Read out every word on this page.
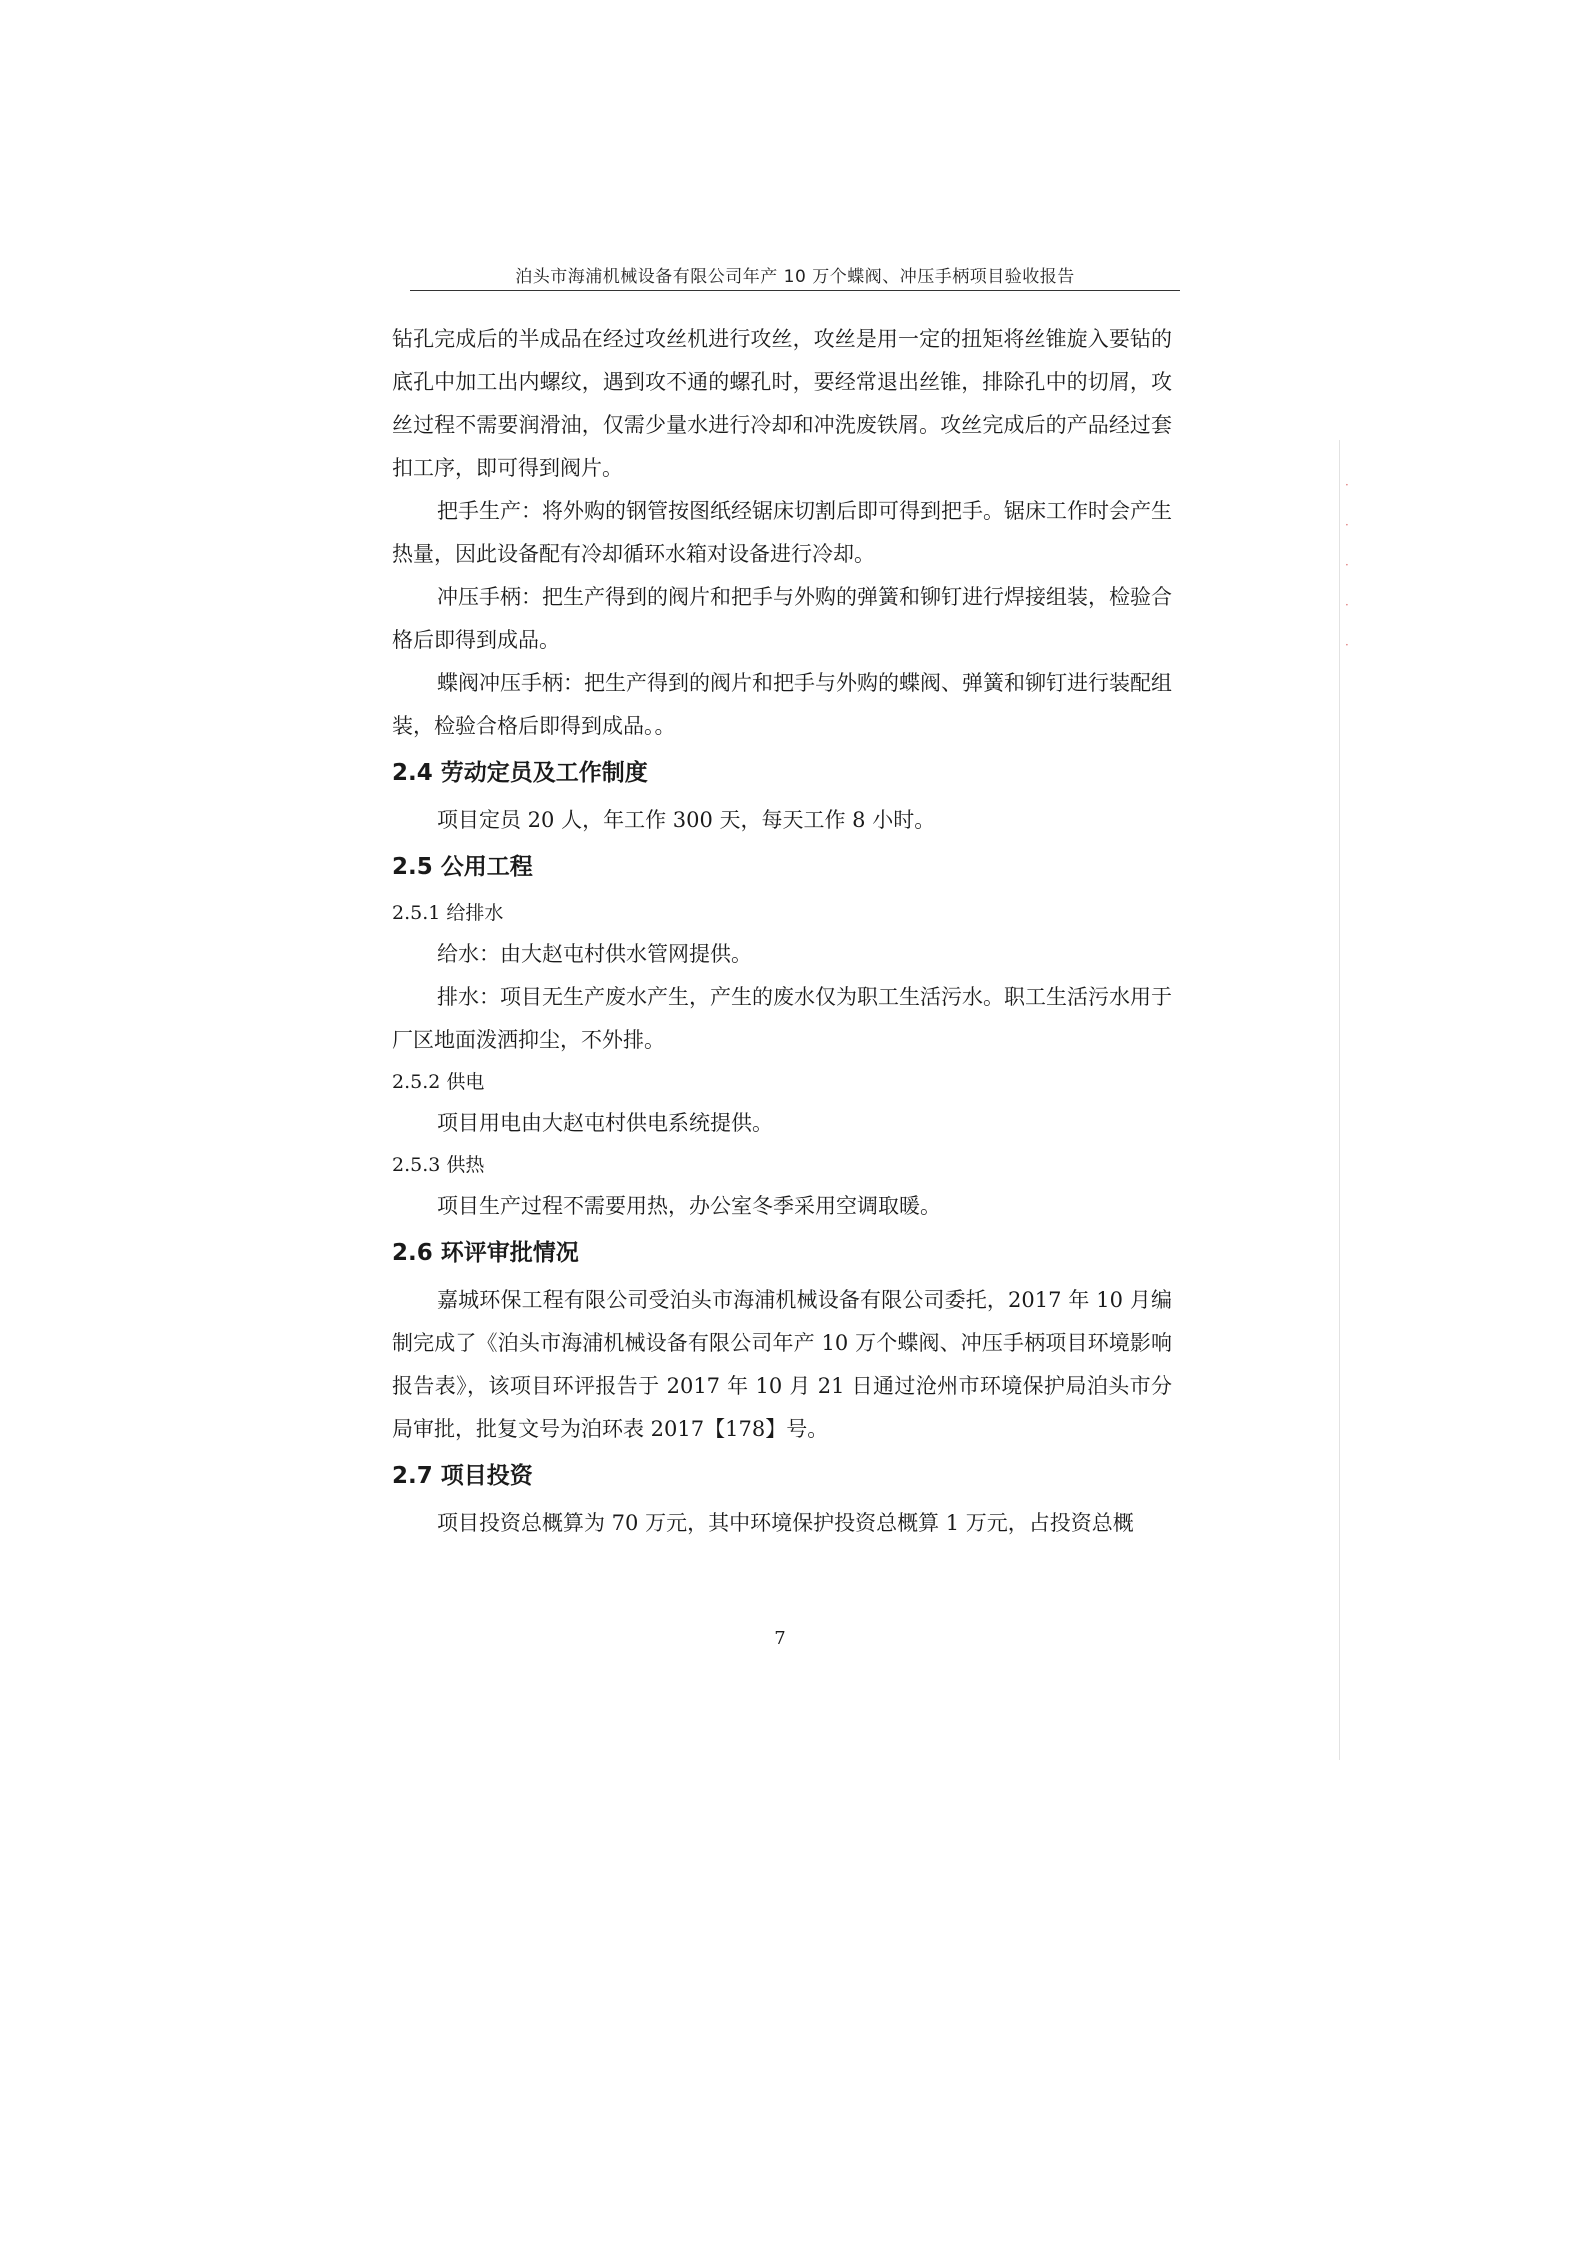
泊头市海浦机械设备有限公司年产 10 万个蝶阀、冲压手柄项目验收报告

钻孔完成后的半成品在经过攻丝机进行攻丝，攻丝是用一定的扭矩将丝锥旋入要钻的底孔中加工出内螺纹，遇到攻不通的螺孔时，要经常退出丝锥，排除孔中的切屑，攻丝过程不需要润滑油，仅需少量水进行冷却和冲洗废铁屑。攻丝完成后的产品经过套扣工序，即可得到阀片。

把手生产：将外购的钢管按图纸经锯床切割后即可得到把手。锯床工作时会产生热量，因此设备配有冷却循环水箱对设备进行冷却。

冲压手柄：把生产得到的阀片和把手与外购的弹簧和铆钉进行焊接组装，检验合格后即得到成品。

蝶阀冲压手柄：把生产得到的阀片和把手与外购的蝶阀、弹簧和铆钉进行装配组装，检验合格后即得到成品。。

2.4 劳动定员及工作制度

项目定员 20 人，年工作 300 天，每天工作 8 小时。

2.5 公用工程
2.5.1 给排水

给水：由大赵屯村供水管网提供。

排水：项目无生产废水产生，产生的废水仅为职工生活污水。职工生活污水用于厂区地面泼洒抑尘，不外排。

2.5.2 供电

项目用电由大赵屯村供电系统提供。

2.5.3 供热

项目生产过程不需要用热，办公室冬季采用空调取暖。

2.6 环评审批情况

嘉城环保工程有限公司受泊头市海浦机械设备有限公司委托，2017 年 10 月编制完成了《泊头市海浦机械设备有限公司年产 10 万个蝶阀、冲压手柄项目环境影响报告表》，该项目环评报告于 2017 年 10 月 21 日通过沧州市环境保护局泊头市分局审批，批复文号为泊环表 2017【178】号。

2.7 项目投资

项目投资总概算为 70 万元，其中环境保护投资总概算 1 万元，占投资总概

7
·
·
·
·
·
